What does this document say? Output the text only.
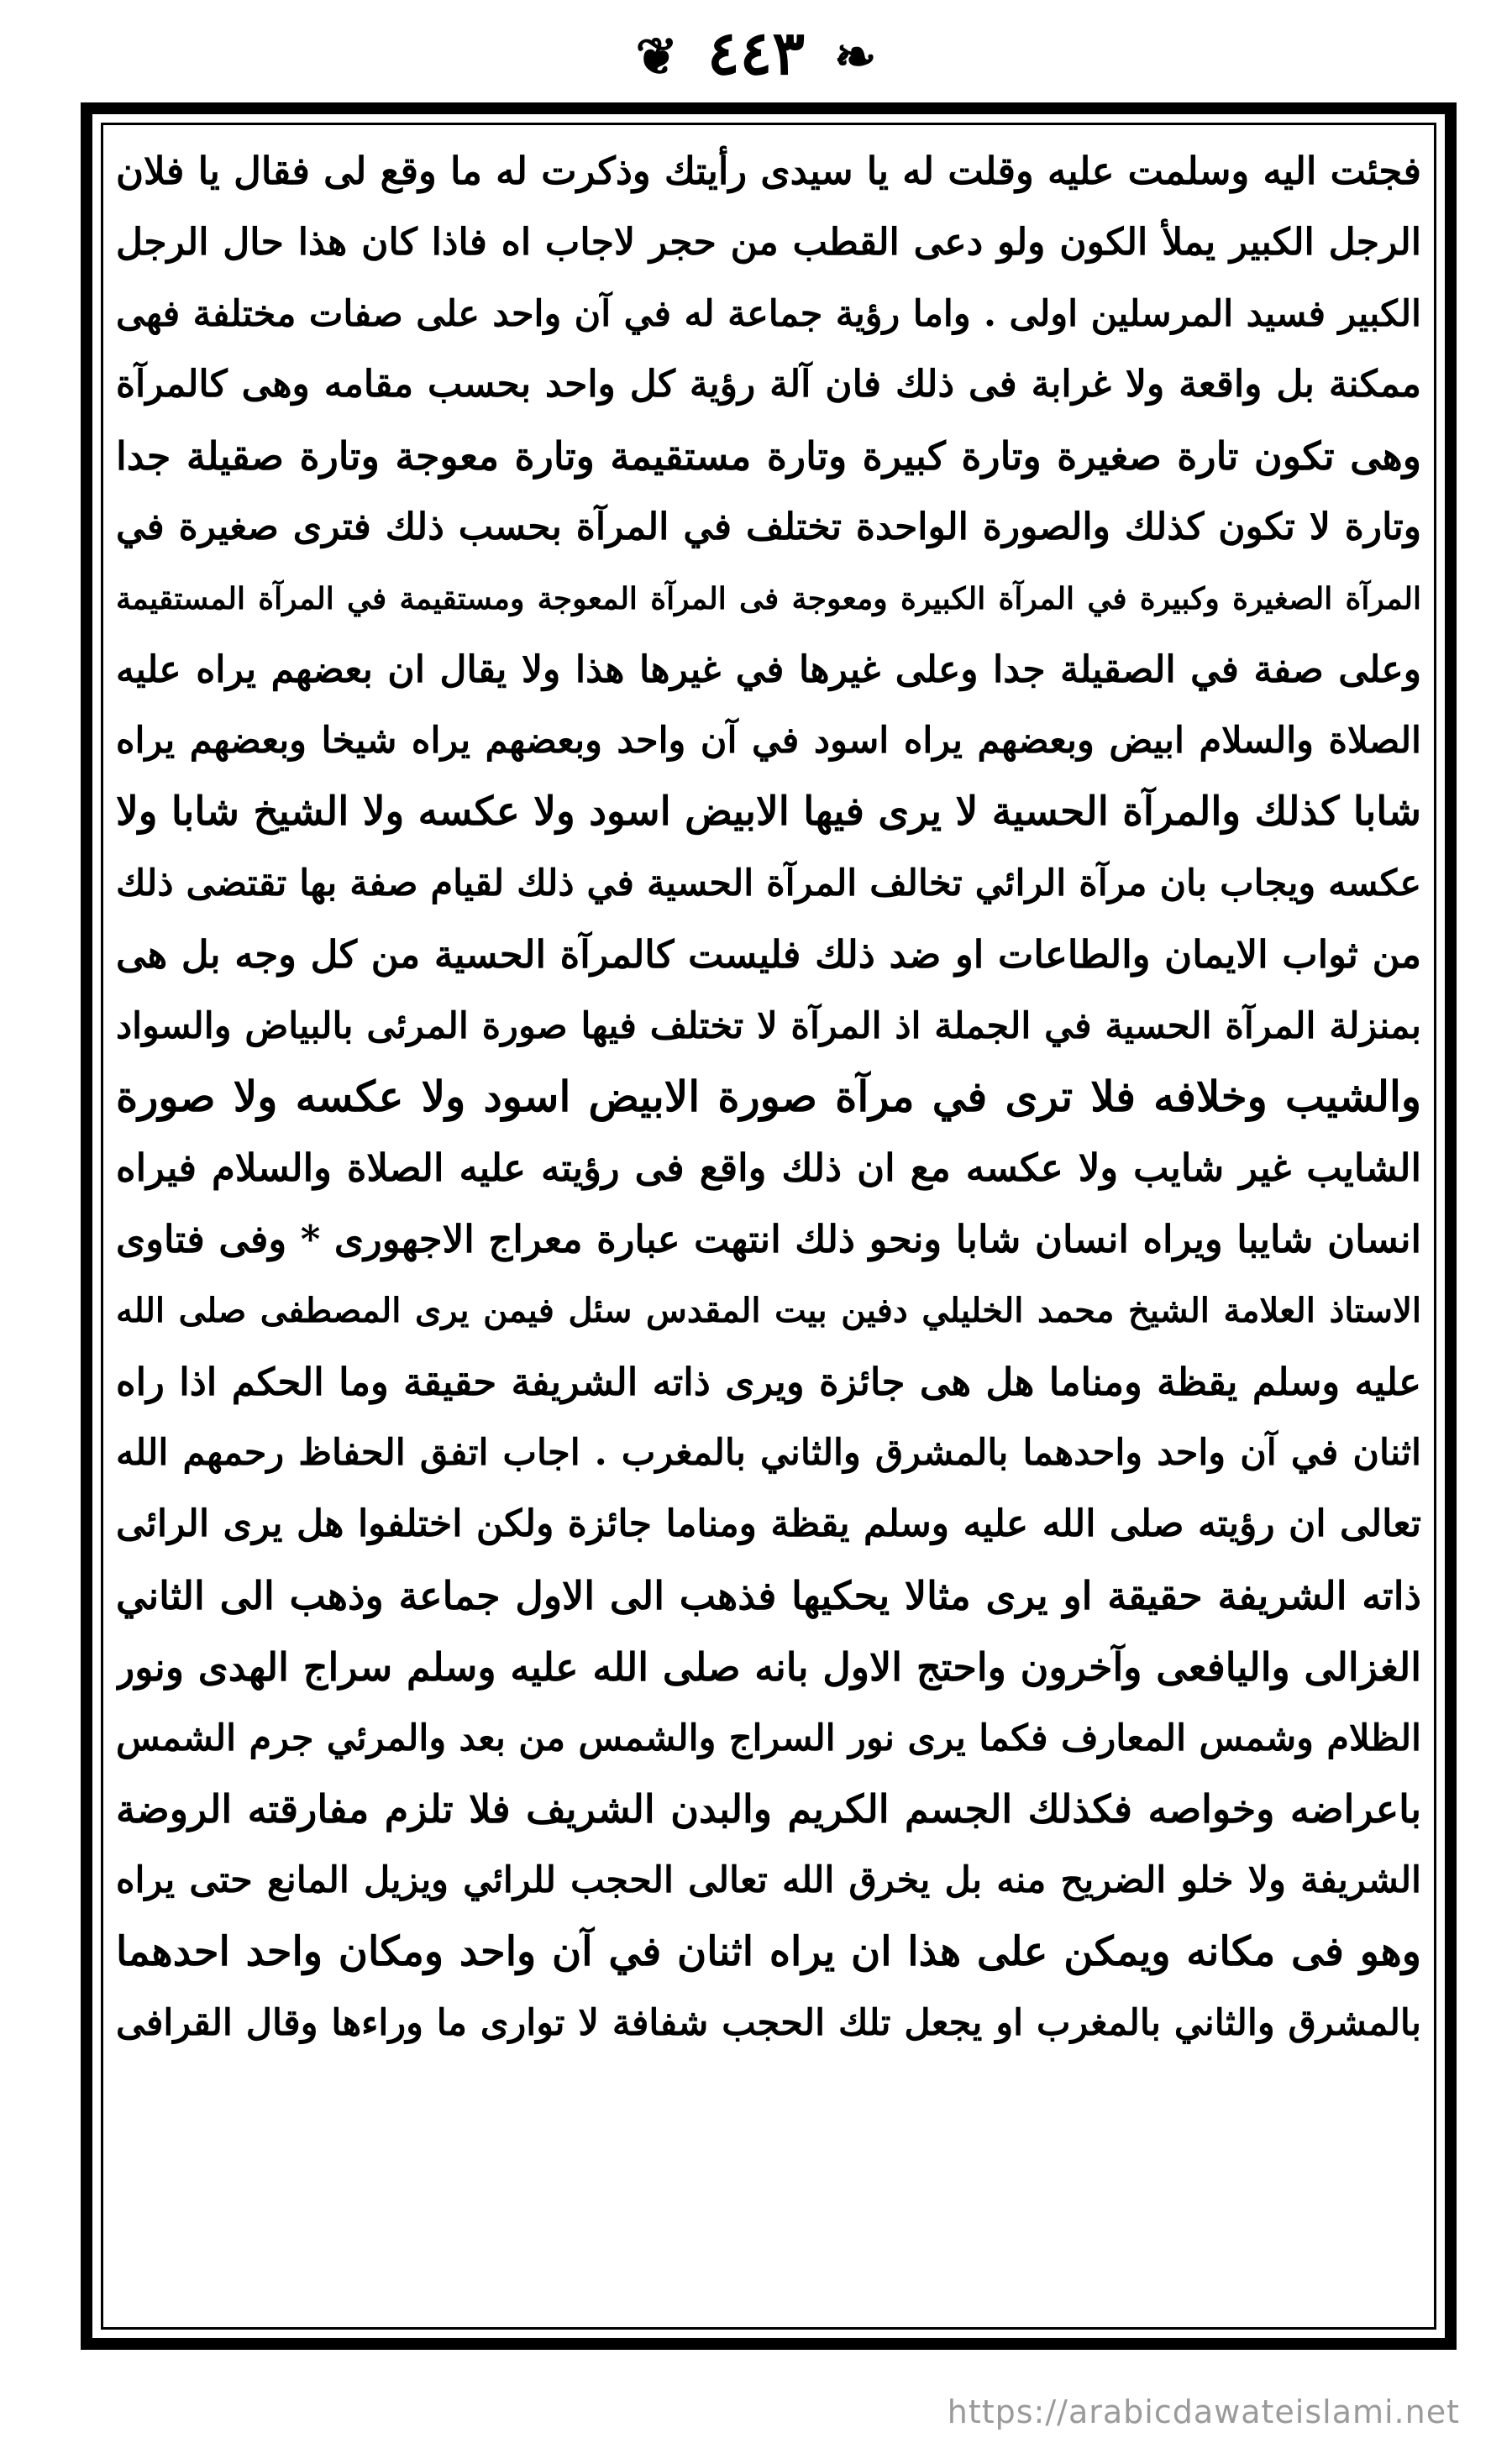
❧ ٤٤٣ ❦
فجئت اليه وسلمت عليه وقلت له يا سيدى رأيتك وذكرت له ما وقع لى فقال يا فلان
الرجل الكبير يملأ الكون ولو دعى القطب من حجر لاجاب اه فاذا كان هذا حال الرجل
الكبير فسيد المرسلين اولى . واما رؤية جماعة له في آن واحد على صفات مختلفة فهى
ممكنة بل واقعة ولا غرابة فى ذلك فان آلة رؤية كل واحد بحسب مقامه وهى كالمرآة
وهى تكون تارة صغيرة وتارة كبيرة وتارة مستقيمة وتارة معوجة وتارة صقيلة جدا
وتارة لا تكون كذلك والصورة الواحدة تختلف في المرآة بحسب ذلك فترى صغيرة في
المرآة الصغيرة وكبيرة في المرآة الكبيرة ومعوجة فى المرآة المعوجة ومستقيمة في المرآة المستقيمة
وعلى صفة في الصقيلة جدا وعلى غيرها في غيرها هذا ولا يقال ان بعضهم يراه عليه
الصلاة والسلام ابيض وبعضهم يراه اسود في آن واحد وبعضهم يراه شيخا وبعضهم يراه
شابا كذلك والمرآة الحسية لا يرى فيها الابيض اسود ولا عكسه ولا الشيخ شابا ولا
عكسه ويجاب بان مرآة الرائي تخالف المرآة الحسية في ذلك لقيام صفة بها تقتضى ذلك
من ثواب الايمان والطاعات او ضد ذلك فليست كالمرآة الحسية من كل وجه بل هى
بمنزلة المرآة الحسية في الجملة اذ المرآة لا تختلف فيها صورة المرئى بالبياض والسواد
والشيب وخلافه فلا ترى في مرآة صورة الابيض اسود ولا عكسه ولا صورة
الشايب غير شايب ولا عكسه مع ان ذلك واقع فى رؤيته عليه الصلاة والسلام فيراه
انسان شايبا ويراه انسان شابا ونحو ذلك انتهت عبارة معراج الاجهورى * وفى فتاوى
الاستاذ العلامة الشيخ محمد الخليلي دفين بيت المقدس سئل فيمن يرى المصطفى صلى الله
عليه وسلم يقظة ومناما هل هى جائزة ويرى ذاته الشريفة حقيقة وما الحكم اذا راه
اثنان في آن واحد واحدهما بالمشرق والثاني بالمغرب . اجاب اتفق الحفاظ رحمهم الله
تعالى ان رؤيته صلى الله عليه وسلم يقظة ومناما جائزة ولكن اختلفوا هل يرى الرائى
ذاته الشريفة حقيقة او يرى مثالا يحكيها فذهب الى الاول جماعة وذهب الى الثاني
الغزالى واليافعى وآخرون واحتج الاول بانه صلى الله عليه وسلم سراج الهدى ونور
الظلام وشمس المعارف فكما يرى نور السراج والشمس من بعد والمرئي جرم الشمس
باعراضه وخواصه فكذلك الجسم الكريم والبدن الشريف فلا تلزم مفارقته الروضة
الشريفة ولا خلو الضريح منه بل يخرق الله تعالى الحجب للرائي ويزيل المانع حتى يراه
وهو فى مكانه ويمكن على هذا ان يراه اثنان في آن واحد ومكان واحد احدهما
بالمشرق والثاني بالمغرب او يجعل تلك الحجب شفافة لا توارى ما وراءها وقال القرافى
https://arabicdawateislami.net
